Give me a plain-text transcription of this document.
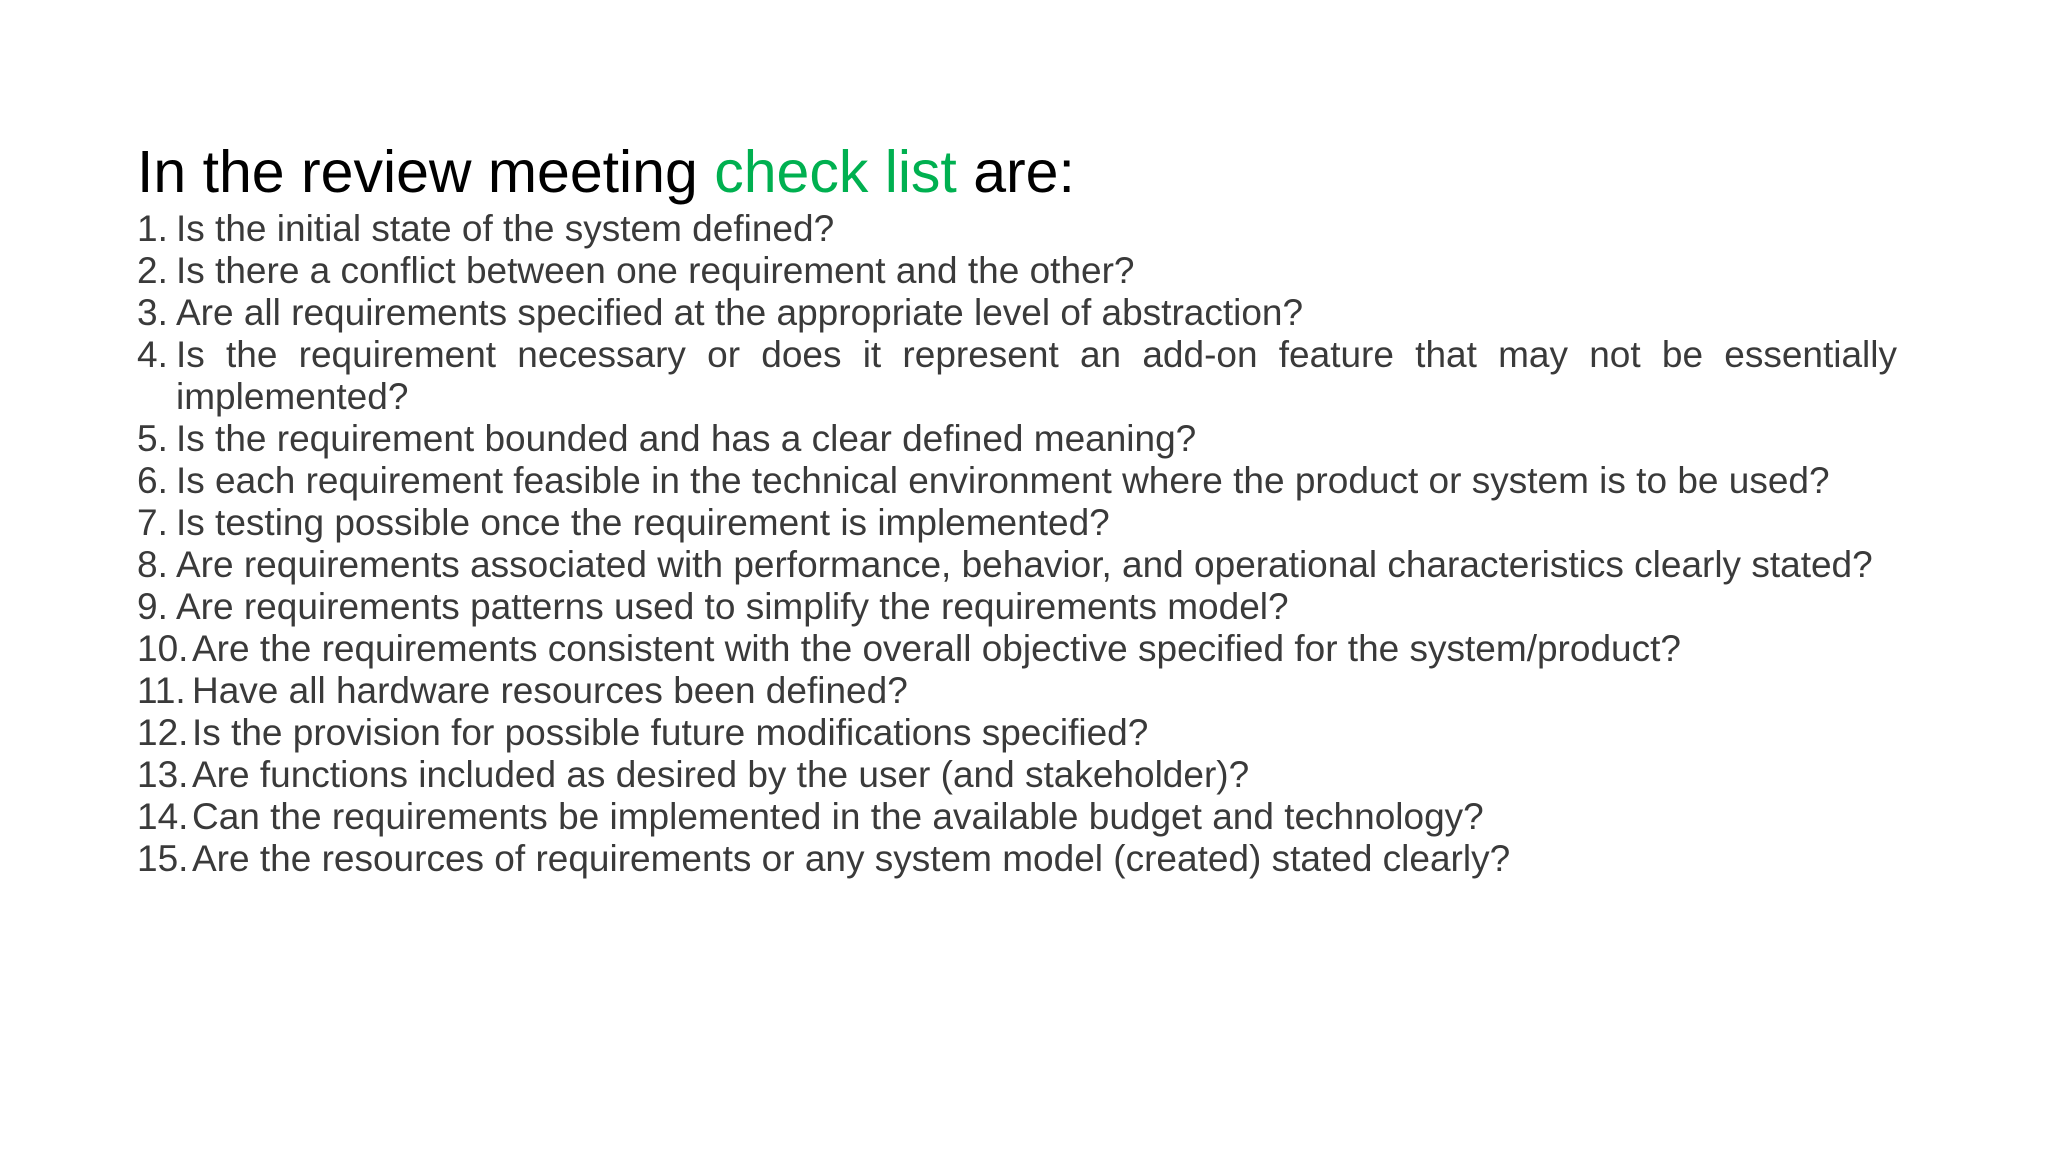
In the review meeting check list are:
1. Is the initial state of the system defined?
2. Is there a conflict between one requirement and the other?
3. Are all requirements specified at the appropriate level of abstraction?
4. Is the requirement necessary or does it represent an add-on feature that may not be essentially implemented?
5. Is the requirement bounded and has a clear defined meaning?
6. Is each requirement feasible in the technical environment where the product or system is to be used?
7. Is testing possible once the requirement is implemented?
8. Are requirements associated with performance, behavior, and operational characteristics clearly stated?
9. Are requirements patterns used to simplify the requirements model?
10. Are the requirements consistent with the overall objective specified for the system/product?
11. Have all hardware resources been defined?
12. Is the provision for possible future modifications specified?
13. Are functions included as desired by the user (and stakeholder)?
14. Can the requirements be implemented in the available budget and technology?
15. Are the resources of requirements or any system model (created) stated clearly?
